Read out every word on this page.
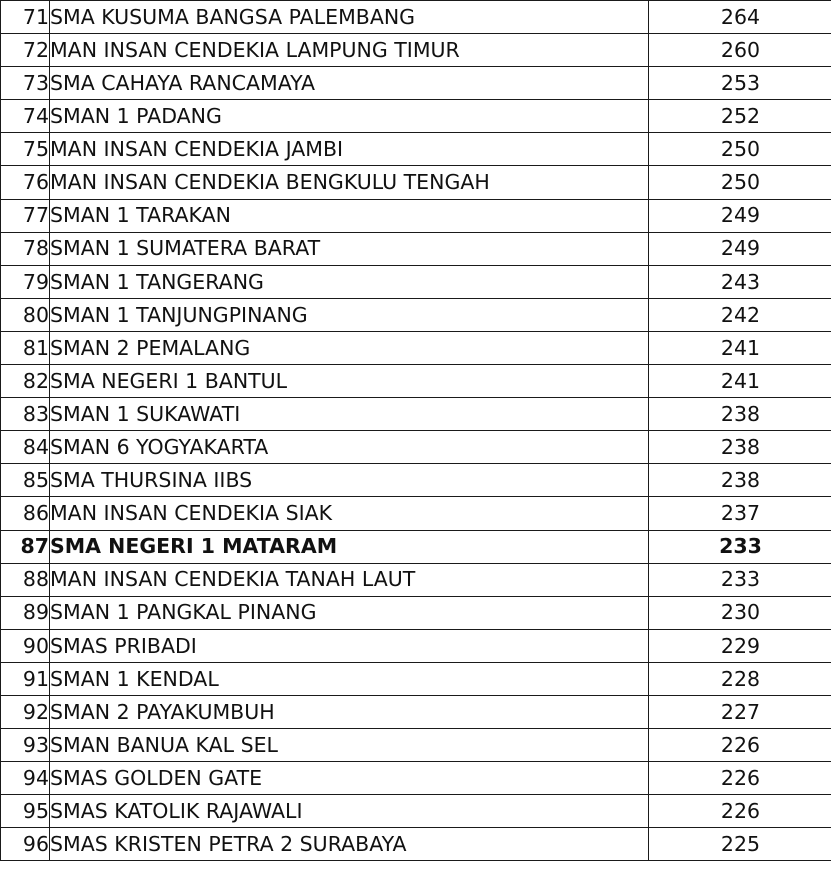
71	SMA KUSUMA BANGSA PALEMBANG	264
72	MAN INSAN CENDEKIA LAMPUNG TIMUR	260
73	SMA CAHAYA RANCAMAYA	253
74	SMAN 1 PADANG	252
75	MAN INSAN CENDEKIA JAMBI	250
76	MAN INSAN CENDEKIA BENGKULU TENGAH	250
77	SMAN 1 TARAKAN	249
78	SMAN 1 SUMATERA BARAT	249
79	SMAN 1 TANGERANG	243
80	SMAN 1 TANJUNGPINANG	242
81	SMAN 2 PEMALANG	241
82	SMA NEGERI 1 BANTUL	241
83	SMAN 1 SUKAWATI	238
84	SMAN 6 YOGYAKARTA	238
85	SMA THURSINA IIBS	238
86	MAN INSAN CENDEKIA SIAK	237
87	SMA NEGERI 1 MATARAM	233
88	MAN INSAN CENDEKIA TANAH LAUT	233
89	SMAN 1 PANGKAL PINANG	230
90	SMAS PRIBADI	229
91	SMAN 1 KENDAL	228
92	SMAN 2 PAYAKUMBUH	227
93	SMAN BANUA KAL SEL	226
94	SMAS GOLDEN GATE	226
95	SMAS KATOLIK RAJAWALI	226
96	SMAS KRISTEN PETRA 2 SURABAYA	225
